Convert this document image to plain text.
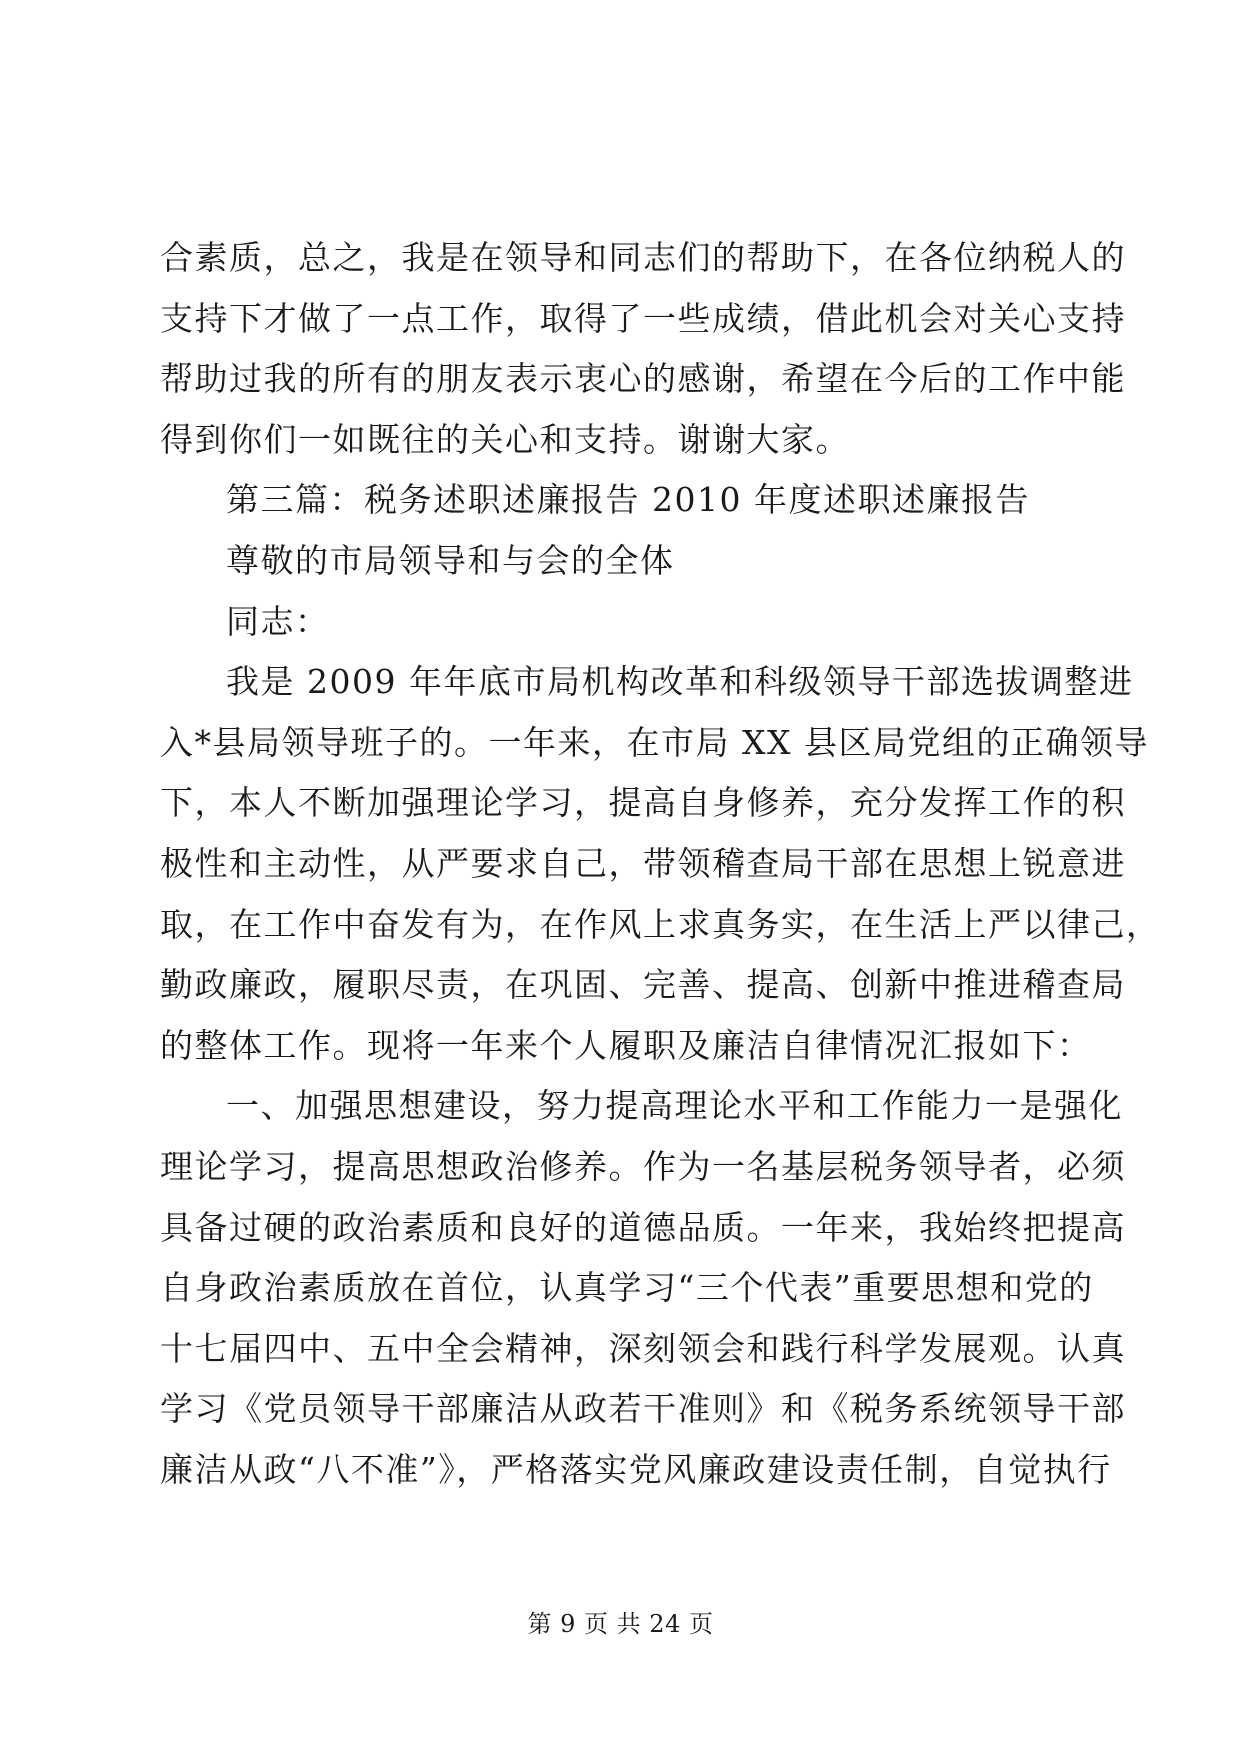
合素质，总之，我是在领导和同志们的帮助下，在各位纳税人的
支持下才做了一点工作，取得了一些成绩，借此机会对关心支持
帮助过我的所有的朋友表示衷心的感谢，希望在今后的工作中能
得到你们一如既往的关心和支持。谢谢大家。
第三篇：税务述职述廉报告 2010 年度述职述廉报告
尊敬的市局领导和与会的全体
同志：
我是 2009 年年底市局机构改革和科级领导干部选拔调整进
入*县局领导班子的。一年来，在市局 XX 县区局党组的正确领导
下，本人不断加强理论学习，提高自身修养，充分发挥工作的积
极性和主动性，从严要求自己，带领稽查局干部在思想上锐意进
取，在工作中奋发有为，在作风上求真务实，在生活上严以律己，
勤政廉政，履职尽责，在巩固、完善、提高、创新中推进稽查局
的整体工作。现将一年来个人履职及廉洁自律情况汇报如下：
一、加强思想建设，努力提高理论水平和工作能力一是强化
理论学习，提高思想政治修养。作为一名基层税务领导者，必须
具备过硬的政治素质和良好的道德品质。一年来，我始终把提高
自身政治素质放在首位，认真学习“三个代表”重要思想和党的
十七届四中、五中全会精神，深刻领会和践行科学发展观。认真
学习《党员领导干部廉洁从政若干准则》和《税务系统领导干部
廉洁从政“八不准”》，严格落实党风廉政建设责任制，自觉执行
第 9 页 共 24 页
